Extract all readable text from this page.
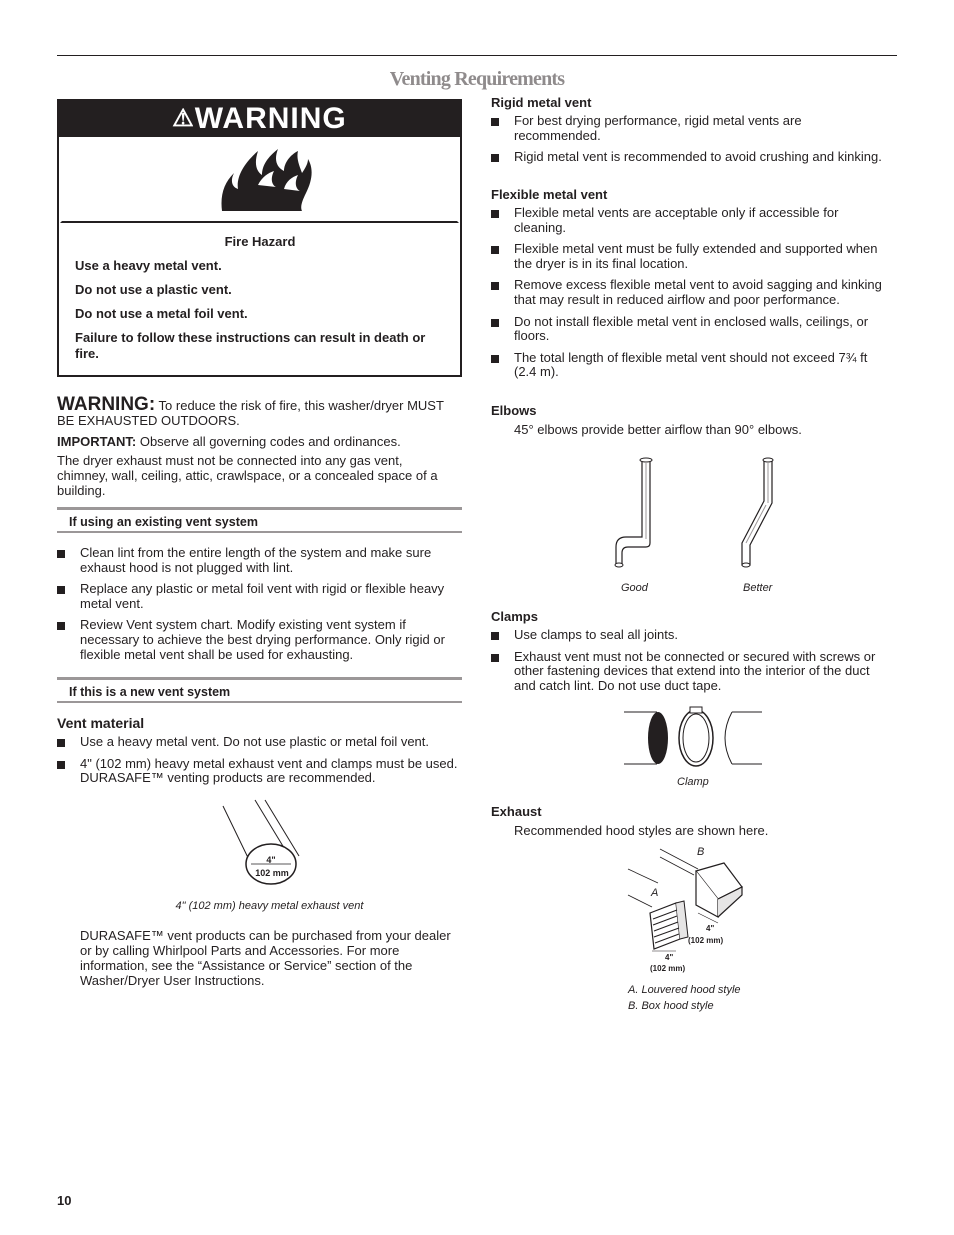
Venting Requirements
⚠WARNING

Fire Hazard

Use a heavy metal vent.

Do not use a plastic vent.

Do not use a metal foil vent.

Failure to follow these instructions can result in death or fire.

WARNING: To reduce the risk of fire, this washer/dryer MUST BE EXHAUSTED OUTDOORS.
IMPORTANT: Observe all governing codes and ordinances.
The dryer exhaust must not be connected into any gas vent, chimney, wall, ceiling, attic, crawlspace, or a concealed space of a building.
If using an existing vent system
Clean lint from the entire length of the system and make sure exhaust hood is not plugged with lint.
Replace any plastic or metal foil vent with rigid or flexible heavy metal vent.
Review Vent system chart. Modify existing vent system if necessary to achieve the best drying performance. Only rigid or flexible metal vent shall be used for exhausting.
If this is a new vent system
Vent material
Use a heavy metal vent. Do not use plastic or metal foil vent.
4" (102 mm) heavy metal exhaust vent and clamps must be used. DURASAFE™ venting products are recommended.
4"
102 mm
4" (102 mm) heavy metal exhaust vent
DURASAFE™ vent products can be purchased from your dealer or by calling Whirlpool Parts and Accessories. For more information, see the “Assistance or Service” section of the Washer/Dryer User Instructions.
Rigid metal vent
For best drying performance, rigid metal vents are recommended.
Rigid metal vent is recommended to avoid crushing and kinking.
Flexible metal vent
Flexible metal vents are acceptable only if accessible for cleaning.
Flexible metal vent must be fully extended and supported when the dryer is in its final location.
Remove excess flexible metal vent to avoid sagging and kinking that may result in reduced airflow and poor performance.
Do not install flexible metal vent in enclosed walls, ceilings, or floors.
The total length of flexible metal vent should not exceed 7¾ ft (2.4 m).
Elbows
45° elbows provide better airflow than 90° elbows.
Good	Better
Clamps
Use clamps to seal all joints.
Exhaust vent must not be connected or secured with screws or other fastening devices that extend into the interior of the duct and catch lint. Do not use duct tape.
Clamp
Exhaust
Recommended hood styles are shown here.
B
A
4"
(102 mm)
4"
(102 mm)
A. Louvered hood style
B. Box hood style
10
